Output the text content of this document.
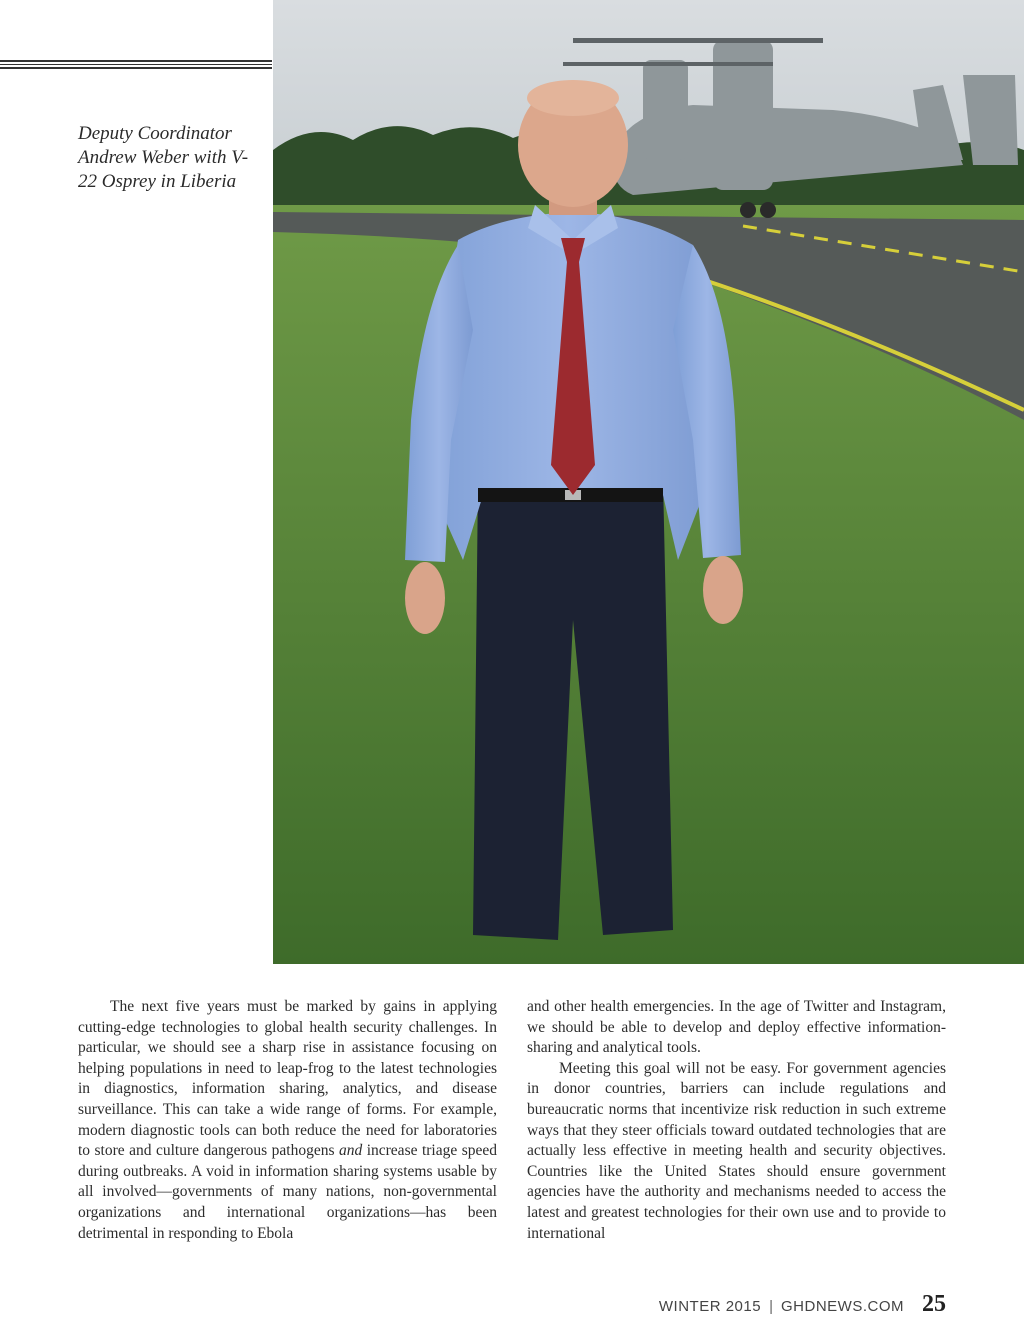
Deputy Coordinator Andrew Weber with V-22 Osprey in Liberia

The next five years must be marked by gains in applying cutting-edge technologies to global health security challenges. In particular, we should see a sharp rise in assistance focusing on helping populations in need to leap-frog to the latest technologies in diagnostics, information sharing, analytics, and disease surveillance. This can take a wide range of forms. For example, modern diagnostic tools can both reduce the need for laboratories to store and culture dangerous pathogens and increase triage speed during outbreaks. A void in information sharing systems usable by all involved—governments of many nations, non-governmental organizations and international organizations—has been detrimental in responding to Ebola

and other health emergencies. In the age of Twitter and Instagram, we should be able to develop and deploy effective information-sharing and analytical tools.

Meeting this goal will not be easy. For government agencies in donor countries, barriers can include regulations and bureaucratic norms that incentivize risk reduction in such extreme ways that they steer officials toward outdated technologies that are actually less effective in meeting health and security objectives. Countries like the United States should ensure government agencies have the authority and mechanisms needed to access the latest and greatest technologies for their own use and to provide to international

WINTER 2015 | GHDNEWS.COM 25
